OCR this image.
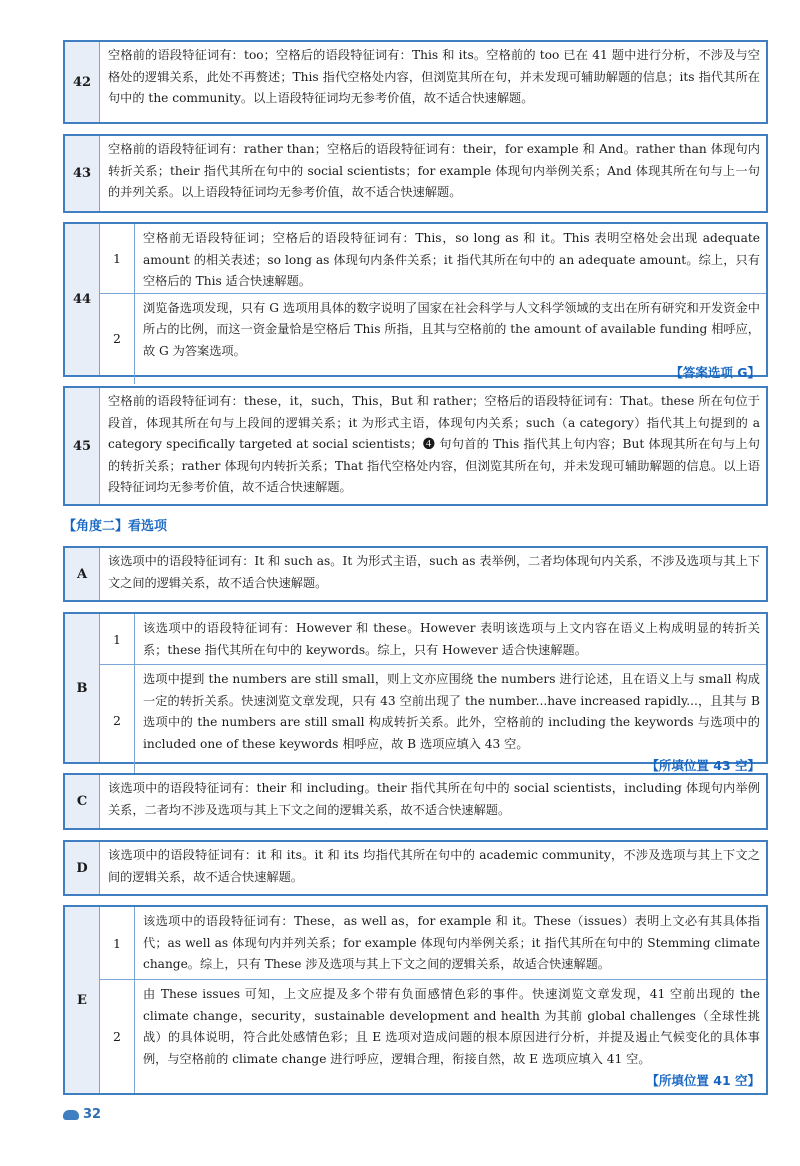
42
空格前的语段特征词有：too；空格后的语段特征词有：This 和 its。空格前的 too 已在 41 题中进行分析，不涉及与空格处的逻辑关系，此处不再赘述；This 指代空格处内容，但浏览其所在句，并未发现可辅助解题的信息；its 指代其所在句中的 the community。以上语段特征词均无参考价值，故不适合快速解题。
43
空格前的语段特征词有：rather than；空格后的语段特征词有：their，for example 和 And。rather than 体现句内转折关系；their 指代其所在句中的 social scientists；for example 体现句内举例关系；And 体现其所在句与上一句的并列关系。以上语段特征词均无参考价值，故不适合快速解题。
44
1
空格前无语段特征词；空格后的语段特征词有：This，so long as 和 it。This 表明空格处会出现 adequate amount 的相关表述；so long as 体现句内条件关系；it 指代其所在句中的 an adequate amount。综上，只有空格后的 This 适合快速解题。
2
浏览备选项发现，只有 G 选项用具体的数字说明了国家在社会科学与人文科学领域的支出在所有研究和开发资金中所占的比例，而这一资金量恰是空格后 This 所指，且其与空格前的 the amount of available funding 相呼应，故 G 为答案选项。
【答案选项 G】
45
空格前的语段特征词有：these，it，such，This，But 和 rather；空格后的语段特征词有：That。these 所在句位于段首，体现其所在句与上段间的逻辑关系；it 为形式主语，体现句内关系；such（a category）指代其上句提到的 a category specifically targeted at social scientists；❹ 句句首的 This 指代其上句内容；But 体现其所在句与上句的转折关系；rather 体现句内转折关系；That 指代空格处内容，但浏览其所在句，并未发现可辅助解题的信息。以上语段特征词均无参考价值，故不适合快速解题。
【角度二】看选项
A
该选项中的语段特征词有：It 和 such as。It 为形式主语，such as 表举例，二者均体现句内关系，不涉及选项与其上下文之间的逻辑关系，故不适合快速解题。
B
1
该选项中的语段特征词有：However 和 these。However 表明该选项与上文内容在语义上构成明显的转折关系；these 指代其所在句中的 keywords。综上，只有 However 适合快速解题。
2
选项中提到 the numbers are still small，则上文亦应围绕 the numbers 进行论述，且在语义上与 small 构成一定的转折关系。快速浏览文章发现，只有 43 空前出现了 the number...have increased rapidly...，且其与 B 选项中的 the numbers are still small 构成转折关系。此外，空格前的 including the keywords 与选项中的 included one of these keywords 相呼应，故 B 选项应填入 43 空。
【所填位置 43 空】
C
该选项中的语段特征词有：their 和 including。their 指代其所在句中的 social scientists，including 体现句内举例关系，二者均不涉及选项与其上下文之间的逻辑关系，故不适合快速解题。
D
该选项中的语段特征词有：it 和 its。it 和 its 均指代其所在句中的 academic community，不涉及选项与其上下文之间的逻辑关系，故不适合快速解题。
E
1
该选项中的语段特征词有：These，as well as，for example 和 it。These（issues）表明上文必有其具体指代；as well as 体现句内并列关系；for example 体现句内举例关系；it 指代其所在句中的 Stemming climate change。综上，只有 These 涉及选项与其上下文之间的逻辑关系，故适合快速解题。
2
由 These issues 可知，上文应提及多个带有负面感情色彩的事件。快速浏览文章发现，41 空前出现的 the climate change，security，sustainable development and health 为其前 global challenges（全球性挑战）的具体说明，符合此处感情色彩；且 E 选项对造成问题的根本原因进行分析，并提及遏止气候变化的具体事例，与空格前的 climate change 进行呼应，逻辑合理，衔接自然，故 E 选项应填入 41 空。
【所填位置 41 空】
32
